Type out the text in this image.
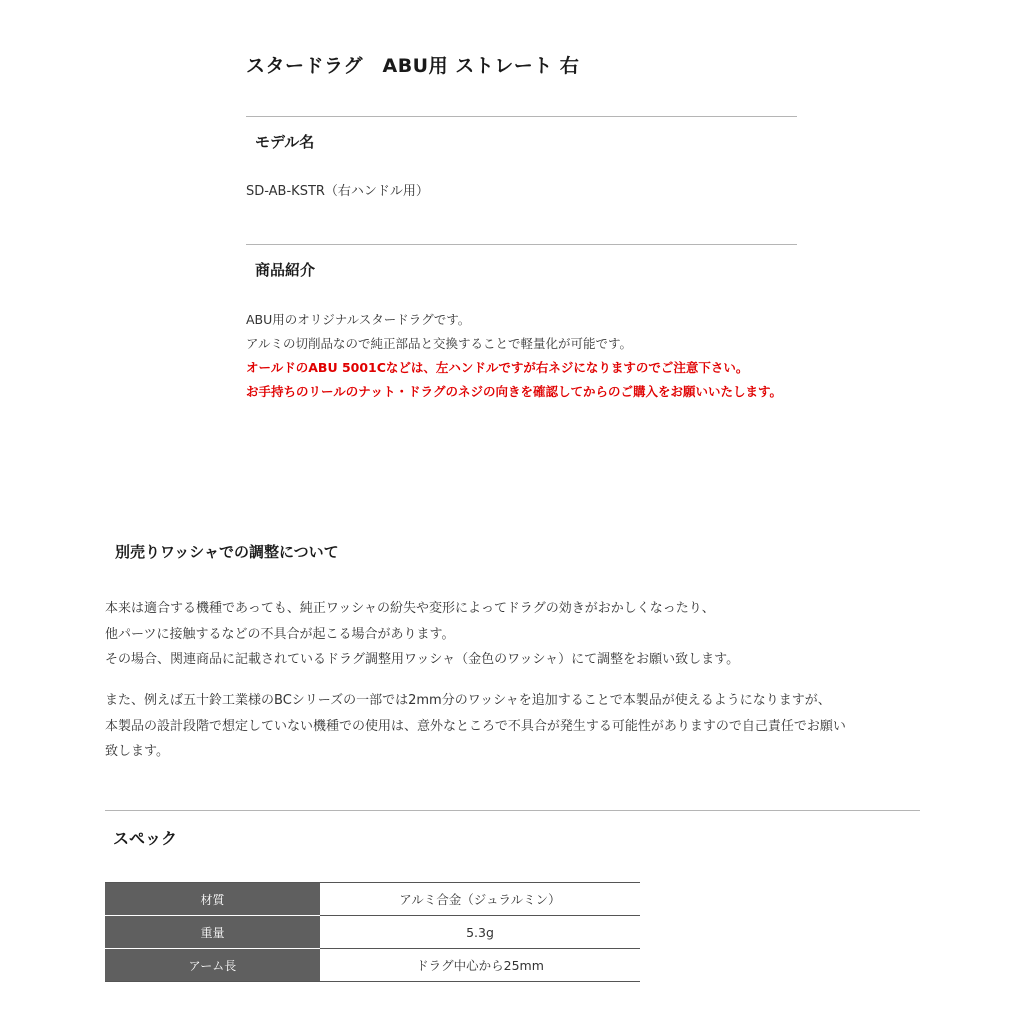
スタードラグ　ABU用 ストレート 右
モデル名

SD-AB-KSTR（右ハンドル用）

商品紹介

ABU用のオリジナルスタードラグです。

アルミの切削品なので純正部品と交換することで軽量化が可能です。

オールドのABU 5001Cなどは、左ハンドルですが右ネジになりますのでご注意下さい。

お手持ちのリールのナット・ドラグのネジの向きを確認してからのご購入をお願いいたします。

別売りワッシャでの調整について

本来は適合する機種であっても、純正ワッシャの紛失や変形によってドラグの効きがおかしくなったり、

他パーツに接触するなどの不具合が起こる場合があります。

その場合、関連商品に記載されているドラグ調整用ワッシャ（金色のワッシャ）にて調整をお願い致します。

また、例えば五十鈴工業様のBCシリーズの一部では2mm分のワッシャを追加することで本製品が使えるようになりますが、

本製品の設計段階で想定していない機種での使用は、意外なところで不具合が発生する可能性がありますので自己責任でお願い

致します。

スペック
材質	アルミ合金（ジュラルミン）
重量	5.3g
アーム長	ドラグ中心から25mm
